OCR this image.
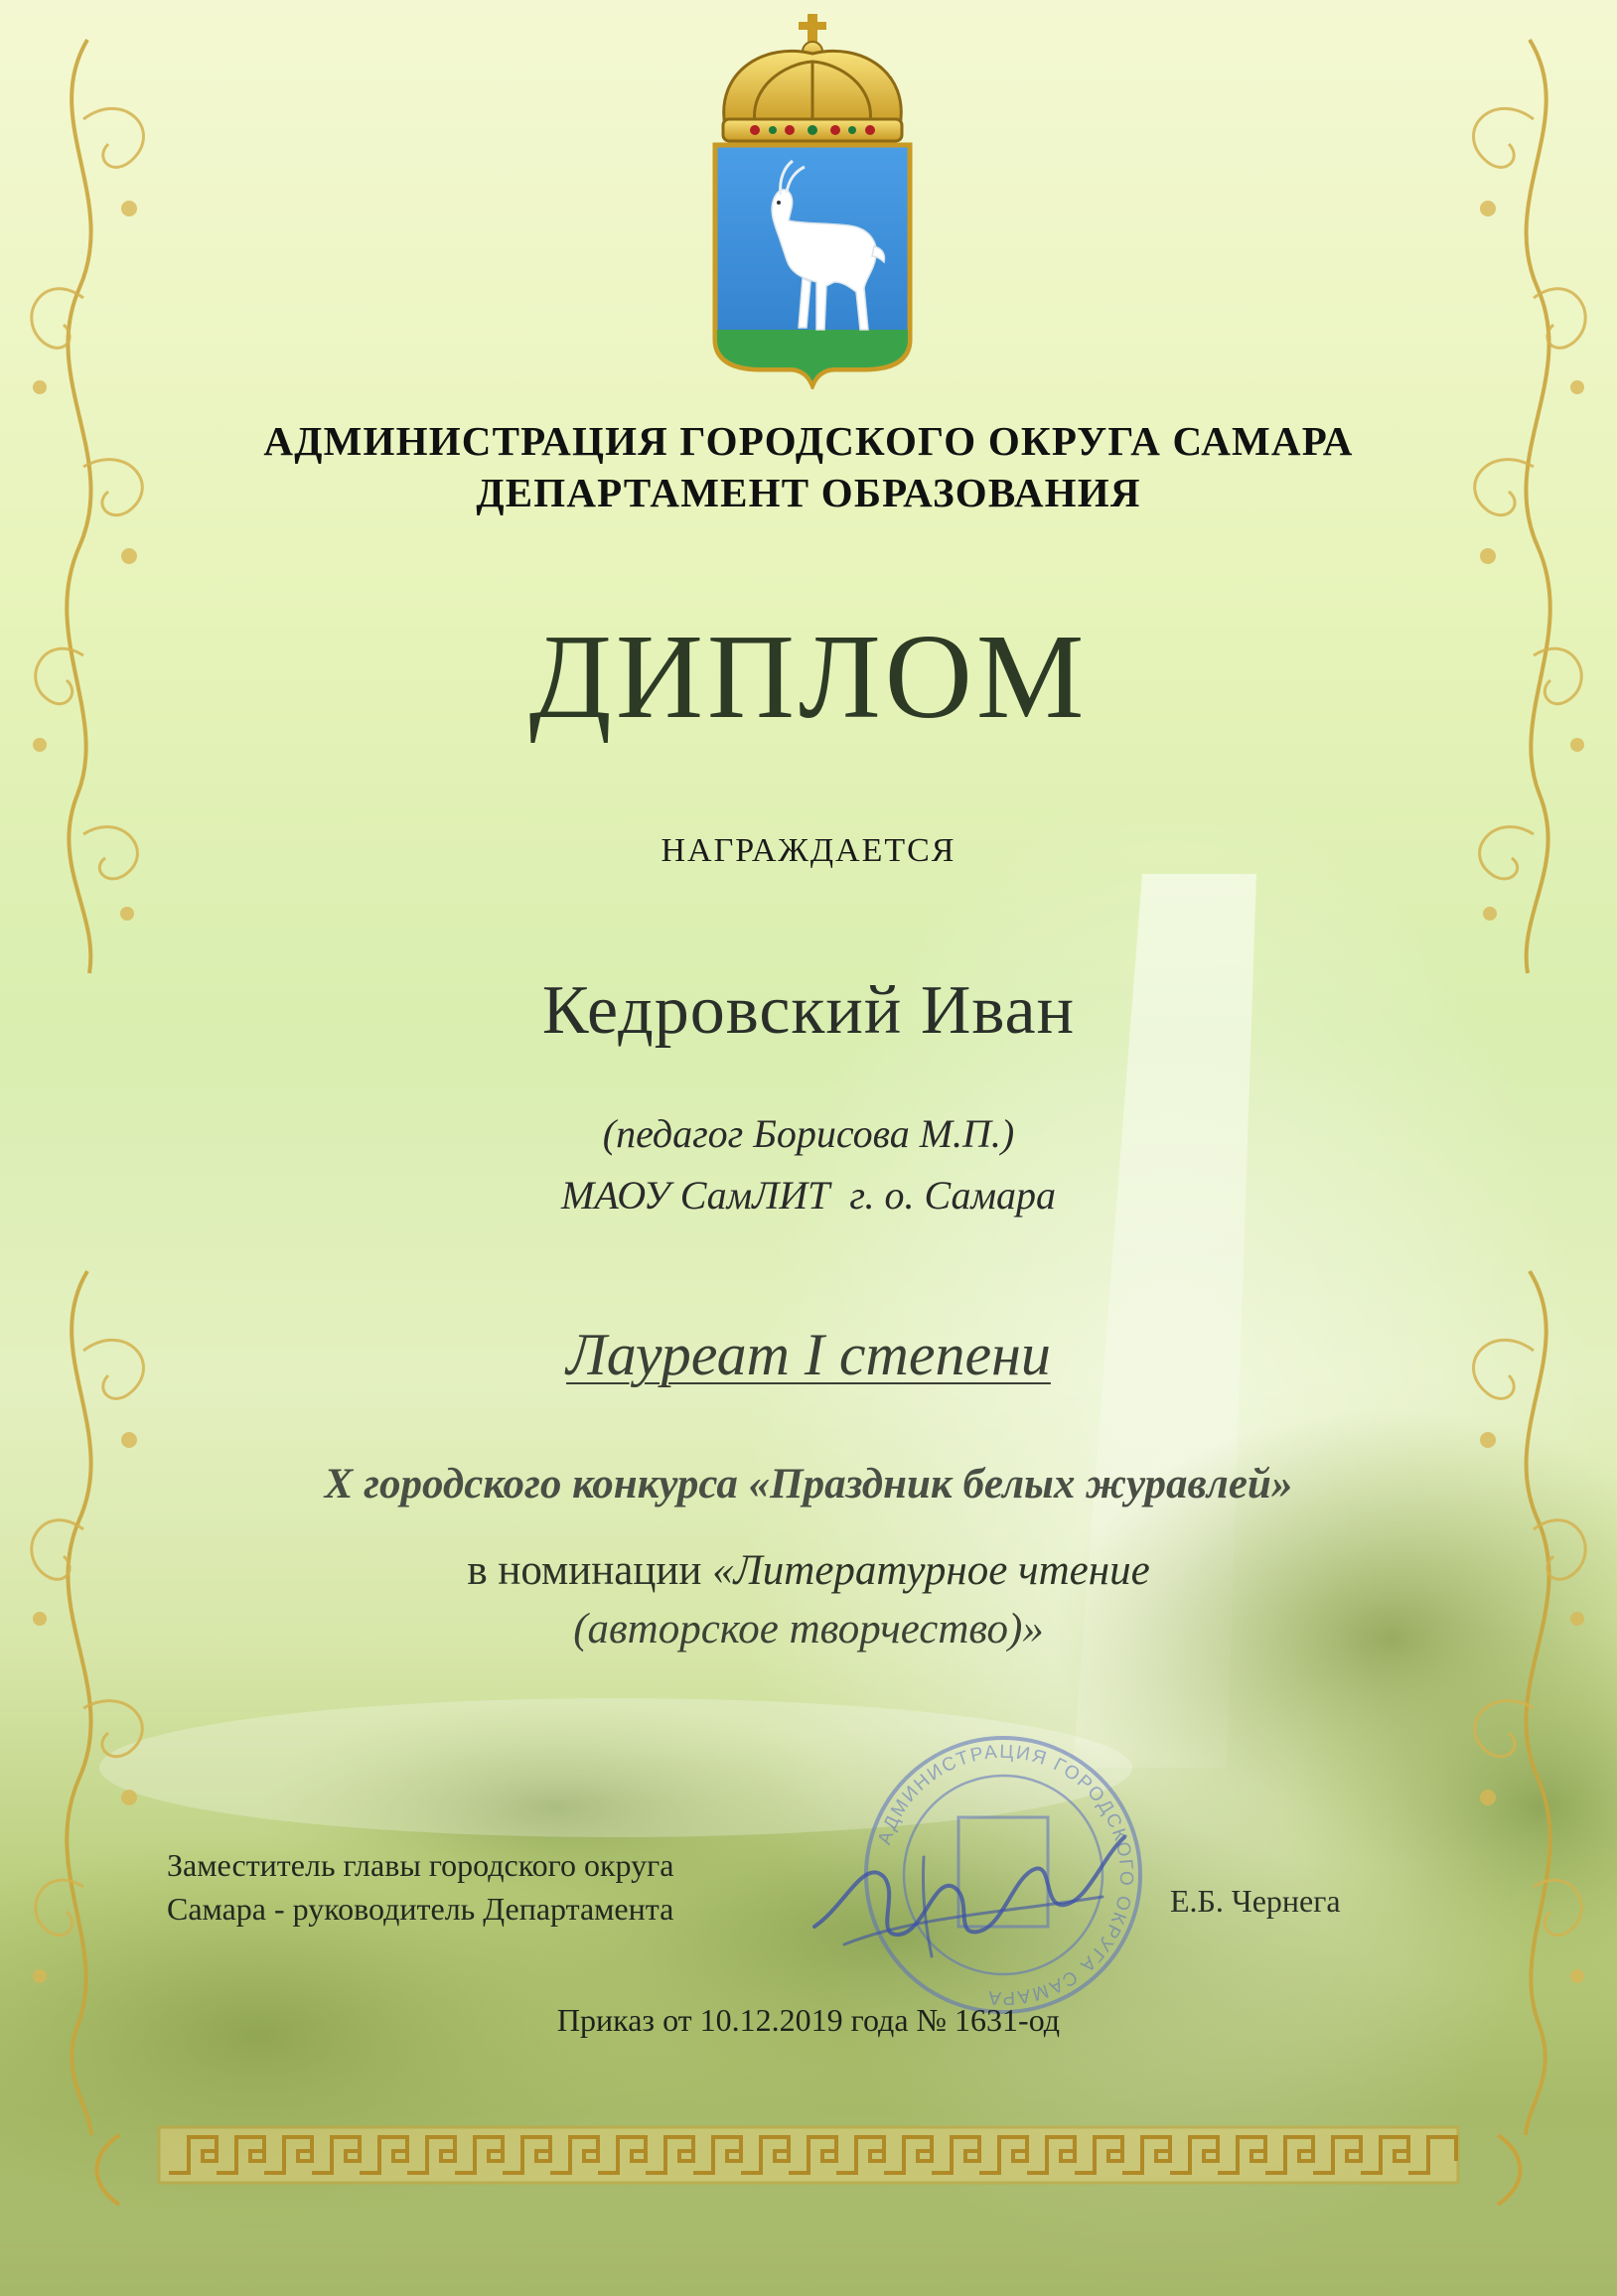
АДМИНИСТРАЦИЯ ГОРОДСКОГО ОКРУГА САМАРА
ДЕПАРТАМЕНТ ОБРАЗОВАНИЯ
ДИПЛОМ
НАГРАЖДАЕТСЯ
Кедровский Иван
(педагог Борисова М.П.)
МАОУ СамЛИТ  г. о. Самара
Лауреат I степени
X городского конкурса «Праздник белых журавлей»
в номинации «Литературное чтение
(авторское творчество)»
АДМИНИСТРАЦИЯ ГОРОДСКОГО ОКРУГА САМАРА
Заместитель главы городского округа
Самара - руководитель Департамента	Е.Б. Чернега
Приказ от 10.12.2019 года № 1631-од
